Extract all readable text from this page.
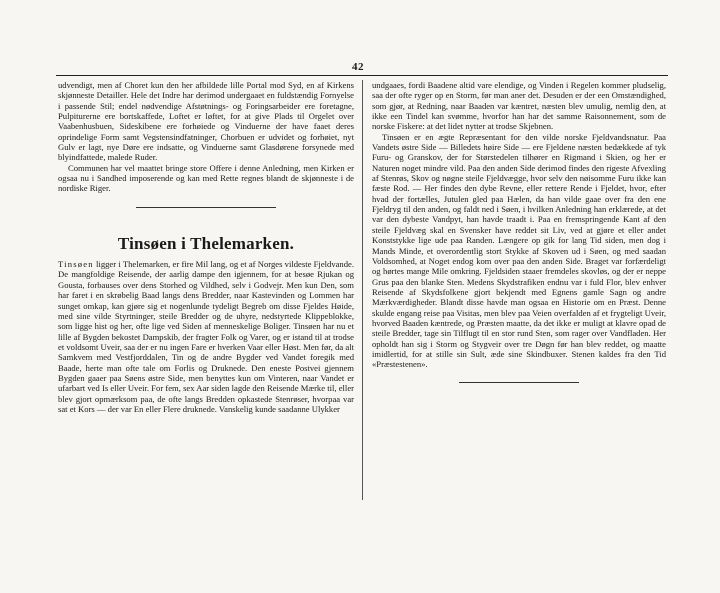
42

udvendigt, men af Choret kun den her afbildede lille Portal mod Syd, en af Kirkens skjønneste Detailler. Hele det Indre har derimod undergaaet en fuldstændig Fornyelse i passende Stil; endel nødvendige Afstøtnings- og Foringsarbeider ere foretagne, Pulpiturerne ere bortskaffede, Loftet er løftet, for at give Plads til Orgelet over Vaabenhusbuen, Sideskibene ere forhøiede og Vinduerne der have faaet deres oprindelige Form samt Vegstensindfatninger, Chorbuen er udvidet og forhøiet, nyt Gulv er lagt, nye Døre ere indsatte, og Vinduerne samt Glasdørene forsynede med blyindfattede, malede Ruder.

Communen har vel maattet bringe store Offere i denne Anledning, men Kirken er ogsaa nu i Sandhed imposerende og kan med Rette regnes blandt de skjønneste i de nordiske Riger.

Tinsøen i Thelemarken.

Tinsøen ligger i Thelemarken, er fire Mil lang, og et af Norges vildeste Fjeldvande. De mangfoldige Reisende, der aarlig dampe den igjennem, for at besøe Rjukan og Gousta, forbauses over dens Storhed og Vildhed, selv i Godvejr. Men kun Den, som har faret i en skrøbelig Baad langs dens Bredder, naar Kastevinden og Lommen har sunget omkap, kan gjøre sig et nogenlunde tydeligt Begreb om disse Fjeldes Høide, med sine vilde Styrtninger, steile Bredder og de uhyre, nedstyrtede Klippeblokke, som ligge hist og her, ofte lige ved Siden af menneskelige Boliger. Tinsøen har nu et lille af Bygden bekostet Dampskib, der fragter Folk og Varer, og er istand til at trodse et voldsomt Uveir, saa der er nu ingen Fare er hverken Vaar eller Høst. Men før, da alt Samkvem med Vestfjorddalen, Tin og de andre Bygder ved Vandet foregik med Baade, herte man ofte tale om Forlis og Druknede. Den eneste Postvei gjennem Bygden gaaer paa Søens østre Side, men benyttes kun om Vinteren, naar Vandet er ufarbart ved Is eller Uveir. For fem, sex Aar siden lagde den Reisende Mærke til, eller blev gjort opmærksom paa, de ofte langs Bredden opkastede Stenrøser, hvorpaa var sat et Kors — der var En eller Flere druknede. Vanskelig kunde saadanne Ulykker

undgaaes, fordi Baadene altid vare elendige, og Vinden i Regelen kommer pludselig, saa der ofte ryger op en Storm, før man aner det. Desuden er der een Omstændighed, som gjør, at Redning, naar Baaden var kæntret, næsten blev umulig, nemlig den, at ikke een Tindel kan svømme, hvorfor han har det samme Raisonnement, som de norske Fiskere: at det lidet nytter at trodse Skjebnen.

Tinsøen er en ægte Repræsentant for den vilde norske Fjeldvandsnatur. Paa Vandets østre Side — Billedets høire Side — ere Fjeldene næsten bedækkede af tyk Furu- og Granskov, der for Størstedelen tilhører en Rigmand i Skien, og her er Naturen noget mindre vild. Paa den anden Side derimod findes den rigeste Afvexling af Stenrøs, Skov og nøgne steile Fjeldvægge, hvor selv den nøisomme Furu ikke kan fæste Rod. — Her findes den dybe Revne, eller rettere Rende i Fjeldet, hvor, efter hvad der fortælles, Jutulen gled paa Hælen, da han vilde gaae over fra den ene Fjeldryg til den anden, og faldt ned i Søen, i hvilken Anledning han erklærede, at det var den dybeste Vandpyt, han havde traadt i. Paa en fremspringende Kant af den steile Fjeldvæg skal en Svensker have reddet sit Liv, ved at gjøre et eller andet Konststykke lige ude paa Randen. Længere op gik for lang Tid siden, men dog i Mands Minde, et overordentlig stort Stykke af Skoven ud i Søen, og med saadan Voldsomhed, at Noget endog kom over paa den anden Side. Braget var forfærdeligt og hørtes mange Mile omkring. Fjeldsiden staaer fremdeles skovløs, og der er neppe Grus paa den blanke Sten. Medens Skydstrafiken endnu var i fuld Flor, blev enhver Reisende af Skydsfolkene gjort bekjendt med Egnens gamle Sagn og andre Mærkværdigheder. Blandt disse havde man ogsaa en Historie om en Præst. Denne skulde engang reise paa Visitas, men blev paa Veien overfalden af et frygteligt Uveir, hvorved Baaden kæntrede, og Præsten maatte, da det ikke er muligt at klavre opad de steile Bredder, tage sin Tilflugt til en stor rund Sten, som rager over Vandfladen. Her opholdt han sig i Storm og Stygveir over tre Døgn før han blev reddet, og maatte imidlertid, for at stille sin Sult, æde sine Skindbuxer. Stenen kaldes fra den Tid «Præstestenen».
